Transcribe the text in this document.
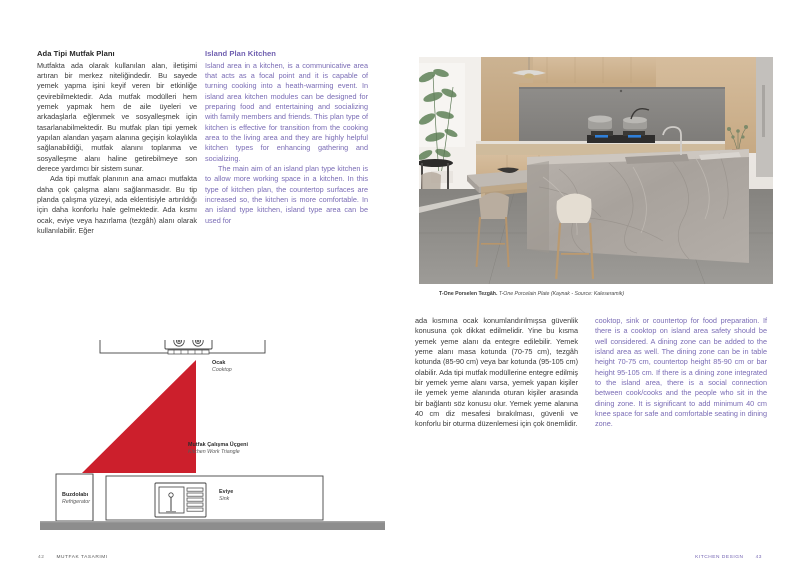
Ada Tipi Mutfak Planı

Mutfakta ada olarak kullanılan alan, iletişimi artıran bir merkez niteliğindedir. Bu sayede yemek yapma işini keyif veren bir etkinliğe çevirebilmektedir. Ada mutfak modülleri hem yemek yapmak hem de aile üyeleri ve arkadaşlarla eğlenmek ve sosyalleşmek için tasarlanabilmektedir. Bu mutfak plan tipi yemek yapılan alandan yaşam alanına geçişin kolaylıkla sağlanabildiği, mutfak alanını toplanma ve sosyalleşme alanı haline getirebilmeye son derece yardımcı bir sistem sunar.

Ada tipi mutfak planının ana amacı mutfakta daha çok çalışma alanı sağlanmasıdır. Bu tip planda çalışma yüzeyi, ada eklentisiyle artırıldığı için daha konforlu hale gelmektedir. Ada kısmı ocak, eviye veya hazırlama (tezgâh) alanı olarak kullanılabilir. Eğer

Island Plan Kitchen

Island area in a kitchen, is a communicative area that acts as a focal point and it is capable of turning cooking into a heath-warming event. In island area kitchen modules can be designed for preparing food and entertaining and socializing with family members and friends. This plan type of kitchen is effective for transition from the cooking area to the living area and they are highly helpful kitchen types for enhancing gathering and socializing.

The main aim of an island plan type kitchen is to allow more working space in a kitchen. In this type of kitchen plan, the countertop surfaces are increased so, the kitchen is more comfortable. In an island type kitchen, island type area can be used for

T-One Porselen Tezgâh. T-One Porcelain Plate (Kaynak - Source: Kaleseramik)

ada kısmına ocak konumlandırılmışsa güvenlik konusuna çok dikkat edilmelidir. Yine bu kısma yemek yeme alanı da entegre edilebilir. Yemek yeme alanı masa kotunda (70-75 cm), tezgâh kotunda (85-90 cm) veya bar kotunda (95-105 cm) olabilir. Ada tipi mutfak modüllerine entegre edilmiş bir yemek yeme alanı varsa, yemek yapan kişiler ile yemek yeme alanında oturan kişiler arasında bir bağlantı söz konusu olur. Yemek yeme alanına 40 cm diz mesafesi bırakılması, güvenli ve konforlu bir oturma düzenlemesi için çok önemlidir.

cooktop, sink or countertop for food preparation. If there is a cooktop on island area safety should be well considered. A dining zone can be added to the island area as well. The dining zone can be in table height 70-75 cm, countertop height 85-90 cm or bar height 95-105 cm. If there is a dining zone integrated to the island area, there is a social connection between cook/cooks and the people who sit in the dining zone. It is significant to add minimum 40 cm knee space for safe and comfortable seating in dining zone.

Ocak
Cooktop
Mutfak Çalışma Üçgeni
Kitchen Work Triangle
Buzdolabı
Refrigerator
Eviye
Sink
42	MUTFAK TASARIMI	KITCHEN DESIGN	43
